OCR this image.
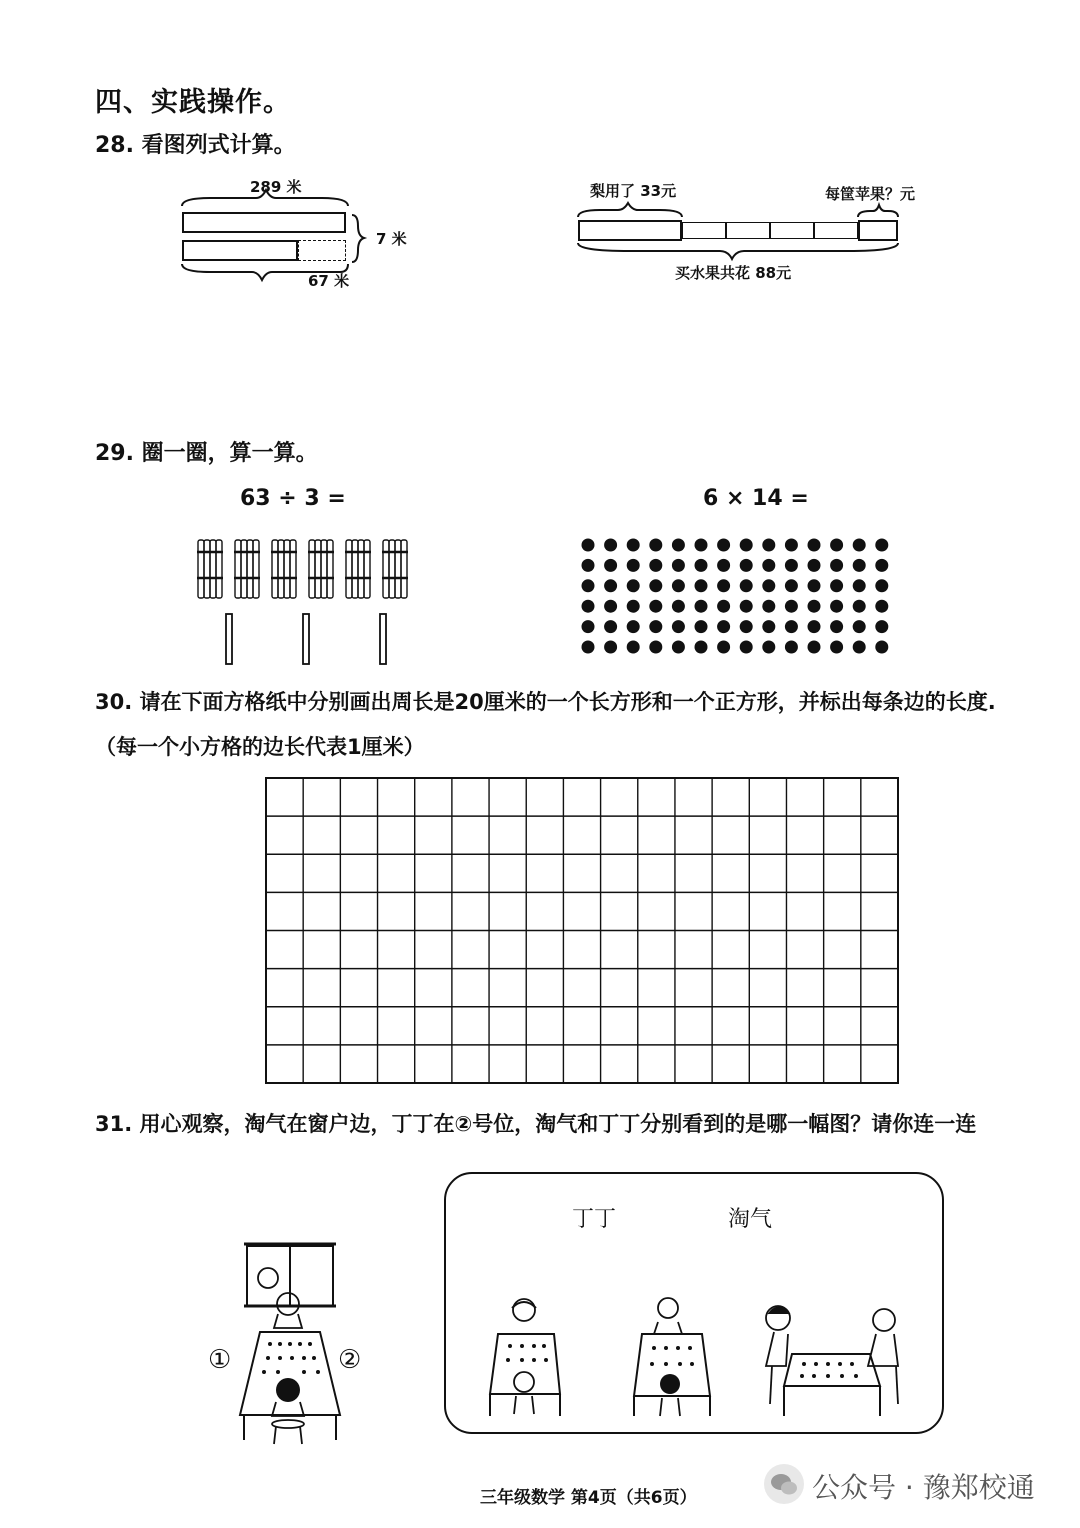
四、实践操作。
28. 看图列式计算。
289 米
7 米
67 米
梨用了 33元	每筐苹果？元
买水果共花 88元
29. 圈一圈，算一算。
63 ÷ 3 =	6 × 14 =
30. 请在下面方格纸中分别画出周长是20厘米的一个长方形和一个正方形，并标出每条边的长度.
（每一个小方格的边长代表1厘米）
31. 用心观察，淘气在窗户边，丁丁在②号位，淘气和丁丁分别看到的是哪一幅图？请你连一连
①	②
丁丁	淘气
三年级数学 第4页（共6页）	公众号 · 豫郑校通
